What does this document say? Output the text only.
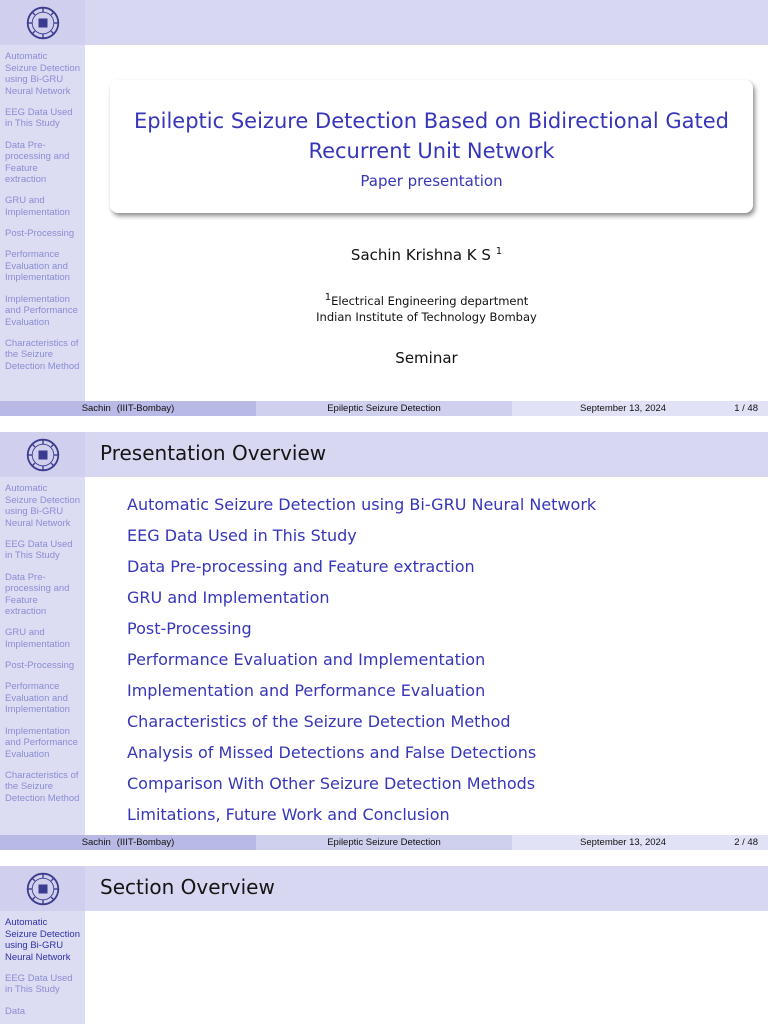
Automatic Seizure Detection using Bi-GRU Neural Network
EEG Data Used in This Study
Data Pre-processing and Feature extraction
GRU and Implementation
Post-Processing
Performance Evaluation and Implementation
Implementation and Performance Evaluation
Characteristics of the Seizure Detection Method
Epileptic Seizure Detection Based on Bidirectional Gated Recurrent Unit Network
Paper presentation
Sachin Krishna K S $^1$
$^1$Electrical Engineering department
Indian Institute of Technology Bombay
Seminar
Sachin (IIIT-Bombay)	Epileptic Seizure Detection	September 13, 2024	1 / 48
Automatic Seizure Detection using Bi-GRU Neural Network
EEG Data Used in This Study
Data Pre-processing and Feature extraction
GRU and Implementation
Post-Processing
Performance Evaluation and Implementation
Implementation and Performance Evaluation
Characteristics of the Seizure Detection Method
Presentation Overview
Automatic Seizure Detection using Bi-GRU Neural Network
EEG Data Used in This Study
Data Pre-processing and Feature extraction
GRU and Implementation
Post-Processing
Performance Evaluation and Implementation
Implementation and Performance Evaluation
Characteristics of the Seizure Detection Method
Analysis of Missed Detections and False Detections
Comparison With Other Seizure Detection Methods
Limitations, Future Work and Conclusion
Sachin (IIIT-Bombay)	Epileptic Seizure Detection	September 13, 2024	2 / 48
Automatic Seizure Detection using Bi-GRU Neural Network
EEG Data Used in This Study
Data
Section Overview
